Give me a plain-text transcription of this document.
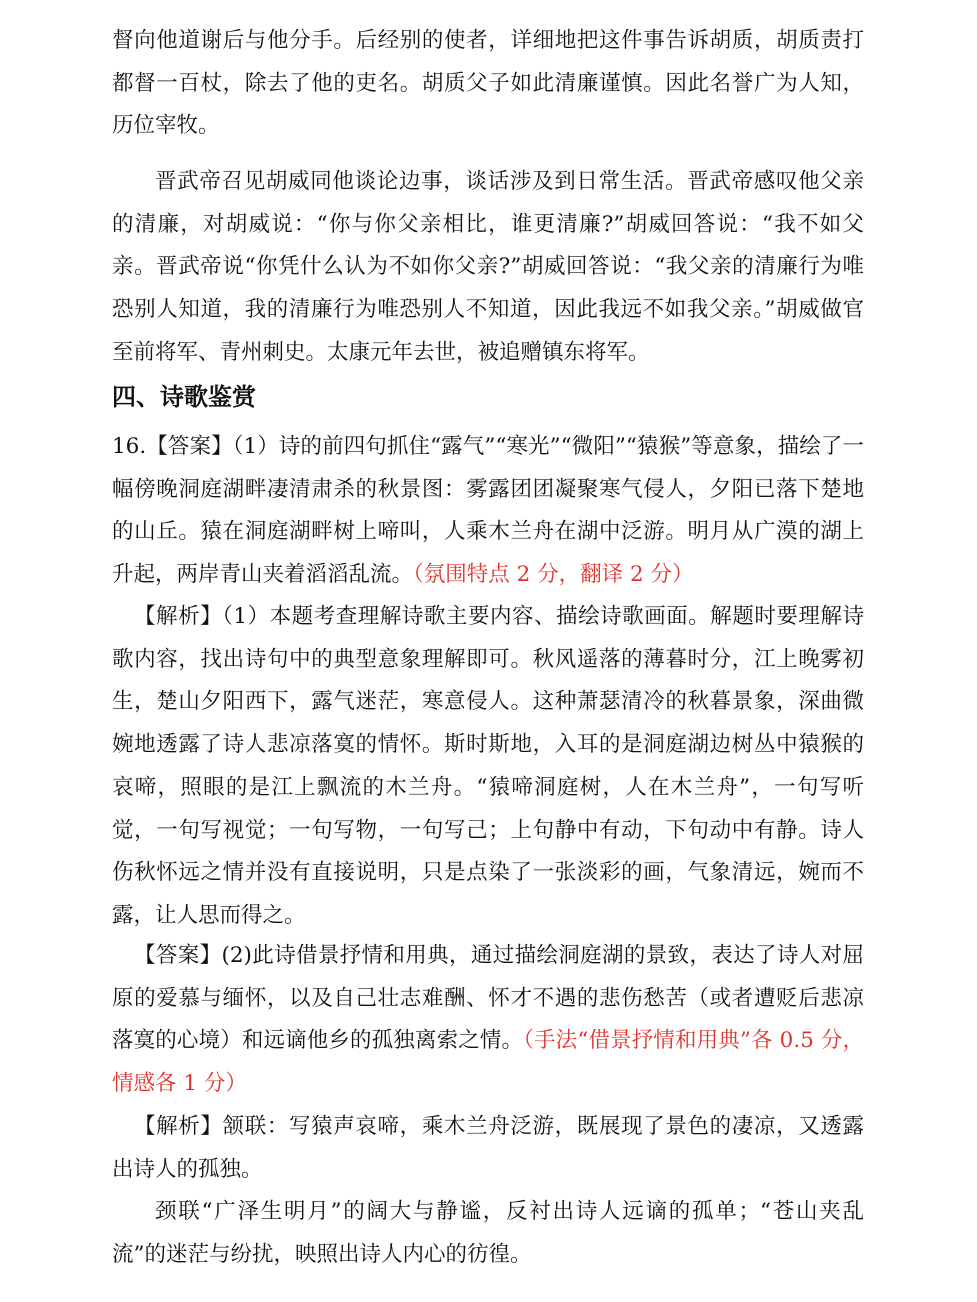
督向他道谢后与他分手。后经别的使者，详细地把这件事告诉胡质，胡质责打都督一百杖，除去了他的吏名。胡质父子如此清廉谨慎。因此名誉广为人知，历位宰牧。

晋武帝召见胡威同他谈论边事，谈话涉及到日常生活。晋武帝感叹他父亲的清廉，对胡威说：“你与你父亲相比，谁更清廉?”胡威回答说：“我不如父亲。晋武帝说“你凭什么认为不如你父亲?”胡威回答说：“我父亲的清廉行为唯恐别人知道，我的清廉行为唯恐别人不知道，因此我远不如我父亲。”胡威做官至前将军、青州刺史。太康元年去世，被追赠镇东将军。

四、诗歌鉴赏

16.【答案】（1）诗的前四句抓住“露气”“寒光”“微阳”“猿猴”等意象，描绘了一幅傍晚洞庭湖畔凄清肃杀的秋景图：雾露团团凝聚寒气侵人，夕阳已落下楚地的山丘。猿在洞庭湖畔树上啼叫，人乘木兰舟在湖中泛游。明月从广漠的湖上升起，两岸青山夹着滔滔乱流。（氛围特点 2 分，翻译 2 分）

【解析】（1）本题考查理解诗歌主要内容、描绘诗歌画面。解题时要理解诗歌内容，找出诗句中的典型意象理解即可。秋风遥落的薄暮时分，江上晚雾初生，楚山夕阳西下，露气迷茫，寒意侵人。这种萧瑟清冷的秋暮景象，深曲微婉地透露了诗人悲凉落寞的情怀。斯时斯地，入耳的是洞庭湖边树丛中猿猴的哀啼，照眼的是江上飘流的木兰舟。“猿啼洞庭树，人在木兰舟”，一句写听觉，一句写视觉；一句写物，一句写己；上句静中有动，下句动中有静。诗人伤秋怀远之情并没有直接说明，只是点染了一张淡彩的画，气象清远，婉而不露，让人思而得之。

【答案】(2)此诗借景抒情和用典，通过描绘洞庭湖的景致，表达了诗人对屈原的爱慕与缅怀，以及自己壮志难酬、怀才不遇的悲伤愁苦（或者遭贬后悲凉落寞的心境）和远谪他乡的孤独离索之情。（手法“借景抒情和用典”各 0.5 分，情感各 1 分）

【解析】颔联：写猿声哀啼，乘木兰舟泛游，既展现了景色的凄凉，又透露出诗人的孤独。

颈联“广泽生明月”的阔大与静谧，反衬出诗人远谪的孤单；“苍山夹乱流”的迷茫与纷扰，映照出诗人内心的彷徨。
